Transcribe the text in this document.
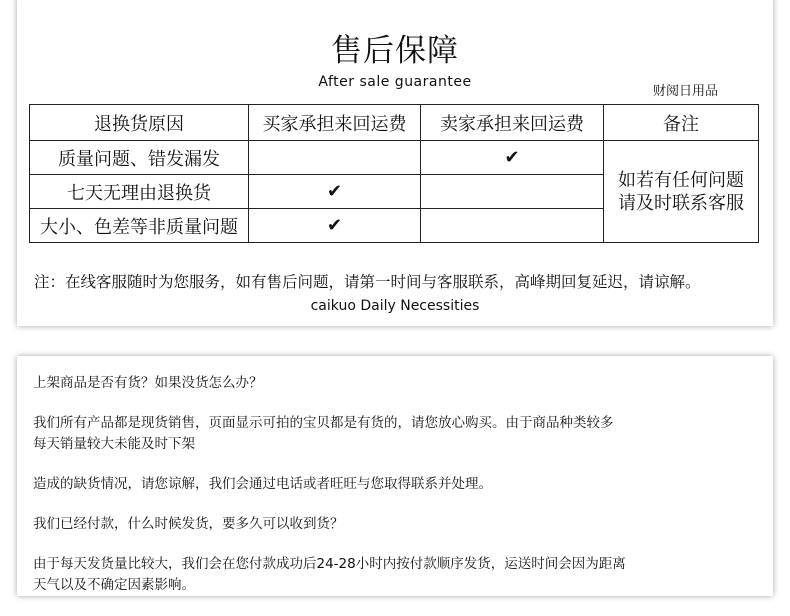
售后保障
After sale guarantee
财阅日用品
退换货原因	买家承担来回运费	卖家承担来回运费	备注
质量问题、错发漏发		✔	如若有任何问题
请及时联系客服

七天无理由退换货	✔		
大小、色差等非质量问题	✔		
注：在线客服随时为您服务，如有售后问题，请第一时间与客服联系，高峰期回复延迟，请谅解。
caikuo Daily Necessities

上架商品是否有货？如果没货怎么办？

我们所有产品都是现货销售，页面显示可拍的宝贝都是有货的，请您放心购买。由于商品种类较多

每天销量较大未能及时下架

造成的缺货情况，请您谅解，我们会通过电话或者旺旺与您取得联系并处理。

我们已经付款，什么时候发货，要多久可以收到货？

由于每天发货量比较大，我们会在您付款成功后24-28小时内按付款顺序发货，运送时间会因为距离

天气以及不确定因素影响。
